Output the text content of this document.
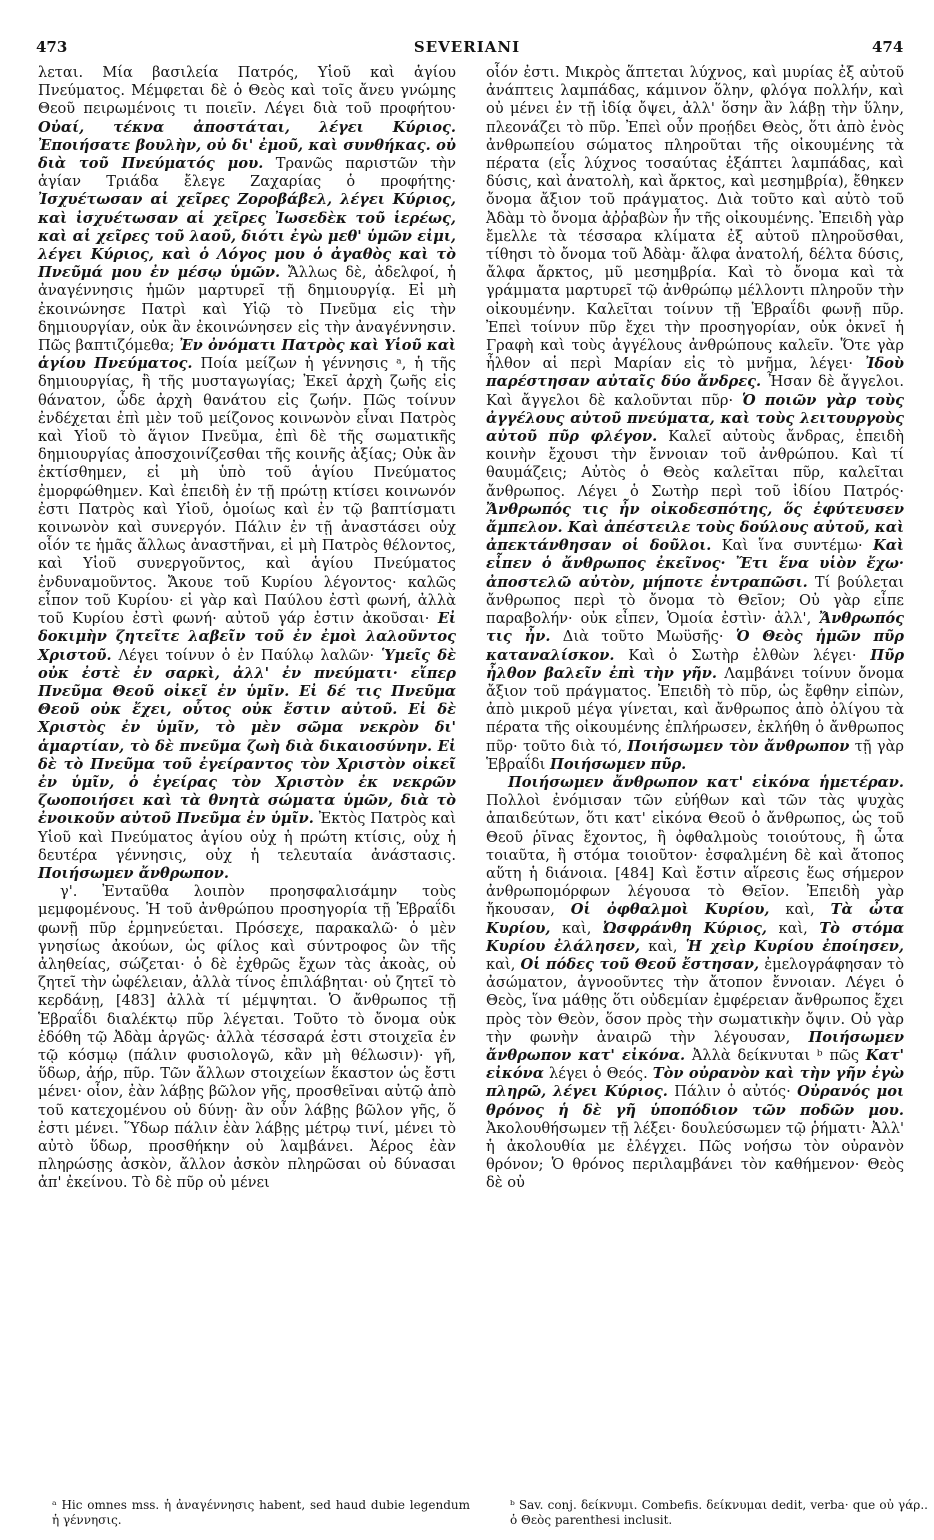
473	SEVERIANI	474

λεται. Μία βασιλεία Πατρός, Υἱοῦ καὶ ἁγίου Πνεύματος. Μέμφεται δὲ ὁ Θεὸς καὶ τοῖς ἄνευ γνώμης Θεοῦ πειρωμένοις τι ποιεῖν. Λέγει διὰ τοῦ προφήτου· Οὐαί, τέκνα ἀποστάται, λέγει Κύριος. Ἐποιήσατε βουλὴν, οὐ δι' ἐμοῦ, καὶ συνθήκας. οὐ διὰ τοῦ Πνεύματός μου. Τρανῶς παριστῶν τὴν ἁγίαν Τριάδα ἔλεγε Ζαχαρίας ὁ προφήτης· Ἰσχυέτωσαν αἱ χεῖρες Ζοροβάβελ, λέγει Κύριος, καὶ ἰσχυέτωσαν αἱ χεῖρες Ἰωσεδὲκ τοῦ ἱερέως, καὶ αἱ χεῖρες τοῦ λαοῦ, διότι ἐγὼ μεθ' ὑμῶν εἰμι, λέγει Κύριος, καὶ ὁ Λόγος μου ὁ ἀγαθὸς καὶ τὸ Πνεῦμά μου ἐν μέσῳ ὑμῶν. Ἄλλως δὲ, ἀδελφοί, ἡ ἀναγέννησις ἡμῶν μαρτυρεῖ τῇ δημιουργίᾳ. Εἰ μὴ ἐκοινώνησε Πατρὶ καὶ Υἱῷ τὸ Πνεῦμα εἰς τὴν δημιουργίαν, οὐκ ἂν ἐκοινώνησεν εἰς τὴν ἀναγέννησιν. Πῶς βαπτιζόμεθα; Ἐν ὀνόματι Πατρὸς καὶ Υἱοῦ καὶ ἁγίου Πνεύματος. Ποία μείζων ἡ γέννησις ᵃ, ἡ τῆς δημιουργίας, ἢ τῆς μυσταγωγίας; Ἐκεῖ ἀρχὴ ζωῆς εἰς θάνατον, ὧδε ἀρχὴ θανάτου εἰς ζωήν. Πῶς τοίνυν ἐνδέχεται ἐπὶ μὲν τοῦ μείζονος κοινωνὸν εἶναι Πατρὸς καὶ Υἱοῦ τὸ ἅγιον Πνεῦμα, ἐπὶ δὲ τῆς σωματικῆς δημιουργίας ἀποσχοινίζεσθαι τῆς κοινῆς ἀξίας; Οὐκ ἂν ἐκτίσθημεν, εἰ μὴ ὑπὸ τοῦ ἁγίου Πνεύματος ἐμορφώθημεν. Καὶ ἐπειδὴ ἐν τῇ πρώτῃ κτίσει κοινωνόν ἐστι Πατρὸς καὶ Υἱοῦ, ὁμοίως καὶ ἐν τῷ βαπτίσματι κοινωνὸν καὶ συνεργόν. Πάλιν ἐν τῇ ἀναστάσει οὐχ οἷόν τε ἡμᾶς ἄλλως ἀναστῆναι, εἰ μὴ Πατρὸς θέλοντος, καὶ Υἱοῦ συνεργοῦντος, καὶ ἁγίου Πνεύματος ἐνδυναμοῦντος. Ἄκουε τοῦ Κυρίου λέγοντος· καλῶς εἶπον τοῦ Κυρίου· εἰ γὰρ καὶ Παύλου ἐστὶ φωνή, ἀλλὰ τοῦ Κυρίου ἐστὶ φωνή· αὐτοῦ γάρ ἐστιν ἀκοῦσαι· Εἰ δοκιμὴν ζητεῖτε λαβεῖν τοῦ ἐν ἐμοὶ λαλοῦντος Χριστοῦ. Λέγει τοίνυν ὁ ἐν Παύλῳ λαλῶν· Ὑμεῖς δὲ οὐκ ἐστὲ ἐν σαρκὶ, ἀλλ' ἐν πνεύματι· εἴπερ Πνεῦμα Θεοῦ οἰκεῖ ἐν ὑμῖν. Εἰ δέ τις Πνεῦμα Θεοῦ οὐκ ἔχει, οὗτος οὐκ ἔστιν αὐτοῦ. Εἰ δὲ Χριστὸς ἐν ὑμῖν, τὸ μὲν σῶμα νεκρὸν δι' ἁμαρτίαν, τὸ δὲ πνεῦμα ζωὴ διὰ δικαιοσύνην. Εἰ δὲ τὸ Πνεῦμα τοῦ ἐγείραντος τὸν Χριστὸν οἰκεῖ ἐν ὑμῖν, ὁ ἐγείρας τὸν Χριστὸν ἐκ νεκρῶν ζωοποιήσει καὶ τὰ θνητὰ σώματα ὑμῶν, διὰ τὸ ἐνοικοῦν αὐτοῦ Πνεῦμα ἐν ὑμῖν. Ἐκτὸς Πατρὸς καὶ Υἱοῦ καὶ Πνεύματος ἁγίου οὐχ ἡ πρώτη κτίσις, οὐχ ἡ δευτέρα γέννησις, οὐχ ἡ τελευταία ἀνάστασις. Ποιήσωμεν ἄνθρωπον.

γ'. Ἐνταῦθα λοιπὸν προησφαλισάμην τοὺς μεμφομένους. Ἡ τοῦ ἀνθρώπου προσηγορία τῇ Ἑβραΐδι φωνῇ πῦρ ἑρμηνεύεται. Πρόσεχε, παρακαλῶ· ὁ μὲν γνησίως ἀκούων, ὡς φίλος καὶ σύντροφος ὢν τῆς ἀληθείας, σώζεται· ὁ δὲ ἐχθρῶς ἔχων τὰς ἀκοὰς, οὐ ζητεῖ τὴν ὠφέλειαν, ἀλλὰ τίνος ἐπιλάβηται· οὐ ζητεῖ τὸ κερδάνῃ, [483] ἀλλὰ τί μέμψηται. Ὁ ἄνθρωπος τῇ Ἑβραΐδι διαλέκτῳ πῦρ λέγεται. Τοῦτο τὸ ὄνομα οὐκ ἐδόθη τῷ Ἀδὰμ ἀργῶς· ἀλλὰ τέσσαρά ἐστι στοιχεῖα ἐν τῷ κόσμῳ (πάλιν φυσιολογῶ, κἂν μὴ θέλωσιν)· γῆ, ὕδωρ, ἀήρ, πῦρ. Τῶν ἄλλων στοιχείων ἕκαστον ὡς ἔστι μένει· οἷον, ἐὰν λάβῃς βῶλον γῆς, προσθεῖναι αὐτῷ ἀπὸ τοῦ κατεχομένου οὐ δύνῃ· ἂν οὖν λάβῃς βῶλον γῆς, ὅ ἐστι μένει. Ὕδωρ πάλιν ἐὰν λάβῃς μέτρῳ τινί, μένει τὸ αὐτὸ ὕδωρ, προσθήκην οὐ λαμβάνει. Ἀέρος ἐὰν πληρώσῃς ἀσκὸν, ἄλλον ἀσκὸν πληρῶσαι οὐ δύνασαι ἀπ' ἐκείνου. Τὸ δὲ πῦρ οὐ μένει

οἷόν ἐστι. Μικρὸς ἅπτεται λύχνος, καὶ μυρίας ἐξ αὐτοῦ ἀνάπτεις λαμπάδας, κάμινον ὅλην, φλόγα πολλήν, καὶ οὐ μένει ἐν τῇ ἰδίᾳ ὄψει, ἀλλ' ὅσην ἂν λάβῃ τὴν ὕλην, πλεονάζει τὸ πῦρ. Ἐπεὶ οὖν προῄδει Θεὸς, ὅτι ἀπὸ ἑνὸς ἀνθρωπείου σώματος πληροῦται τῆς οἰκουμένης τὰ πέρατα (εἷς λύχνος τοσαύτας ἐξάπτει λαμπάδας, καὶ δύσις, καὶ ἀνατολὴ, καὶ ἄρκτος, καὶ μεσημβρία), ἔθηκεν ὄνομα ἄξιον τοῦ πράγματος. Διὰ τοῦτο καὶ αὐτὸ τοῦ Ἀδὰμ τὸ ὄνομα ἀῤῥαβὼν ἦν τῆς οἰκουμένης. Ἐπειδὴ γὰρ ἔμελλε τὰ τέσσαρα κλίματα ἐξ αὐτοῦ πληροῦσθαι, τίθησι τὸ ὄνομα τοῦ Ἀδὰμ· ἄλφα ἀνατολή, δέλτα δύσις, ἄλφα ἄρκτος, μῦ μεσημβρία. Καὶ τὸ ὄνομα καὶ τὰ γράμματα μαρτυρεῖ τῷ ἀνθρώπῳ μέλλοντι πληροῦν τὴν οἰκουμένην. Καλεῖται τοίνυν τῇ Ἑβραΐδι φωνῇ πῦρ. Ἐπεὶ τοίνυν πῦρ ἔχει τὴν προσηγορίαν, οὐκ ὀκνεῖ ἡ Γραφὴ καὶ τοὺς ἀγγέλους ἀνθρώπους καλεῖν. Ὅτε γὰρ ἦλθον αἱ περὶ Μαρίαν εἰς τὸ μνῆμα, λέγει· Ἰδοὺ παρέστησαν αὐταῖς δύο ἄνδρες. Ἦσαν δὲ ἄγγελοι. Καὶ ἄγγελοι δὲ καλοῦνται πῦρ· Ὁ ποιῶν γὰρ τοὺς ἀγγέλους αὐτοῦ πνεύματα, καὶ τοὺς λειτουργοὺς αὐτοῦ πῦρ φλέγον. Καλεῖ αὐτοὺς ἄνδρας, ἐπειδὴ κοινὴν ἔχουσι τὴν ἔννοιαν τοῦ ἀνθρώπου. Καὶ τί θαυμάζεις; Αὐτὸς ὁ Θεὸς καλεῖται πῦρ, καλεῖται ἄνθρωπος. Λέγει ὁ Σωτὴρ περὶ τοῦ ἰδίου Πατρός· Ἄνθρωπός τις ἦν οἰκοδεσπότης, ὅς ἐφύτευσεν ἄμπελον. Καὶ ἀπέστειλε τοὺς δούλους αὐτοῦ, καὶ ἀπεκτάνθησαν οἱ δοῦλοι. Καὶ ἵνα συντέμω· Καὶ εἶπεν ὁ ἄνθρωπος ἐκεῖνος· Ἔτι ἕνα υἱὸν ἔχω· ἀποστελῶ αὐτὸν, μήποτε ἐντραπῶσι. Τί βούλεται ἄνθρωπος περὶ τὸ ὄνομα τὸ Θεῖον; Οὐ γὰρ εἶπε παραβολήν· οὐκ εἶπεν, Ὁμοία ἐστὶν· ἀλλ', Ἄνθρωπός τις ἦν. Διὰ τοῦτο Μωϋσῆς· Ὁ Θεὸς ἡμῶν πῦρ καταναλίσκον. Καὶ ὁ Σωτὴρ ἐλθὼν λέγει· Πῦρ ἦλθον βαλεῖν ἐπὶ τὴν γῆν. Λαμβάνει τοίνυν ὄνομα ἄξιον τοῦ πράγματος. Ἐπειδὴ τὸ πῦρ, ὡς ἔφθην εἰπὼν, ἀπὸ μικροῦ μέγα γίνεται, καὶ ἄνθρωπος ἀπὸ ὀλίγου τὰ πέρατα τῆς οἰκουμένης ἐπλήρωσεν, ἐκλήθη ὁ ἄνθρωπος πῦρ· τοῦτο διὰ τό, Ποιήσωμεν τὸν ἄνθρωπον τῇ γὰρ Ἑβραΐδι Ποιήσωμεν πῦρ.

Ποιήσωμεν ἄνθρωπον κατ' εἰκόνα ἡμετέραν. Πολλοὶ ἐνόμισαν τῶν εὐήθων καὶ τῶν τὰς ψυχὰς ἀπαιδεύτων, ὅτι κατ' εἰκόνα Θεοῦ ὁ ἄνθρωπος, ὡς τοῦ Θεοῦ ῥῖνας ἔχοντος, ἢ ὀφθαλμοὺς τοιούτους, ἢ ὦτα τοιαῦτα, ἢ στόμα τοιοῦτον· ἐσφαλμένη δὲ καὶ ἄτοπος αὕτη ἡ διάνοια. [484] Καὶ ἔστιν αἵρεσις ἕως σήμερον ἀνθρωπομόρφων λέγουσα τὸ Θεῖον. Ἐπειδὴ γὰρ ἤκουσαν, Οἱ ὀφθαλμοὶ Κυρίου, καὶ, Τὰ ὦτα Κυρίου, καὶ, Ὠσφράνθη Κύριος, καὶ, Τὸ στόμα Κυρίου ἐλάλησεν, καὶ, Ἡ χεὶρ Κυρίου ἐποίησεν, καὶ, Οἱ πόδες τοῦ Θεοῦ ἔστησαν, ἐμελογράφησαν τὸ ἀσώματον, ἀγνοοῦντες τὴν ἄτοπον ἔννοιαν. Λέγει ὁ Θεὸς, ἵνα μάθῃς ὅτι οὐδεμίαν ἐμφέρειαν ἄνθρωπος ἔχει πρὸς τὸν Θεὸν, ὅσον πρὸς τὴν σωματικὴν ὄψιν. Οὐ γὰρ τὴν φωνὴν ἀναιρῶ τὴν λέγουσαν, Ποιήσωμεν ἄνθρωπον κατ' εἰκόνα. Ἀλλὰ δείκνυται ᵇ πῶς Κατ' εἰκόνα λέγει ὁ Θεός. Τὸν οὐρανὸν καὶ τὴν γῆν ἐγὼ πληρῶ, λέγει Κύριος. Πάλιν ὁ αὐτός· Οὐρανός μοι θρόνος ἡ δὲ γῆ ὑποπόδιον τῶν ποδῶν μου. Ἀκολουθήσωμεν τῇ λέξει· δουλεύσωμεν τῷ ῥήματι· Ἀλλ' ἡ ἀκολουθία με ἐλέγχει. Πῶς νοήσω τὸν οὐρανὸν θρόνον; Ὁ θρόνος περιλαμβάνει τὸν καθήμενον· Θεὸς δὲ οὐ

ᵃ Hic omnes mss. ἡ ἀναγέννησις habent, sed haud dubie legendum ἡ γέννησις.
ᵇ Sav. conj. δείκνυμι. Combefis. δείκνυμαι dedit, verba· que οὐ γάρ.. ὁ Θεὸς parenthesi inclusit.
